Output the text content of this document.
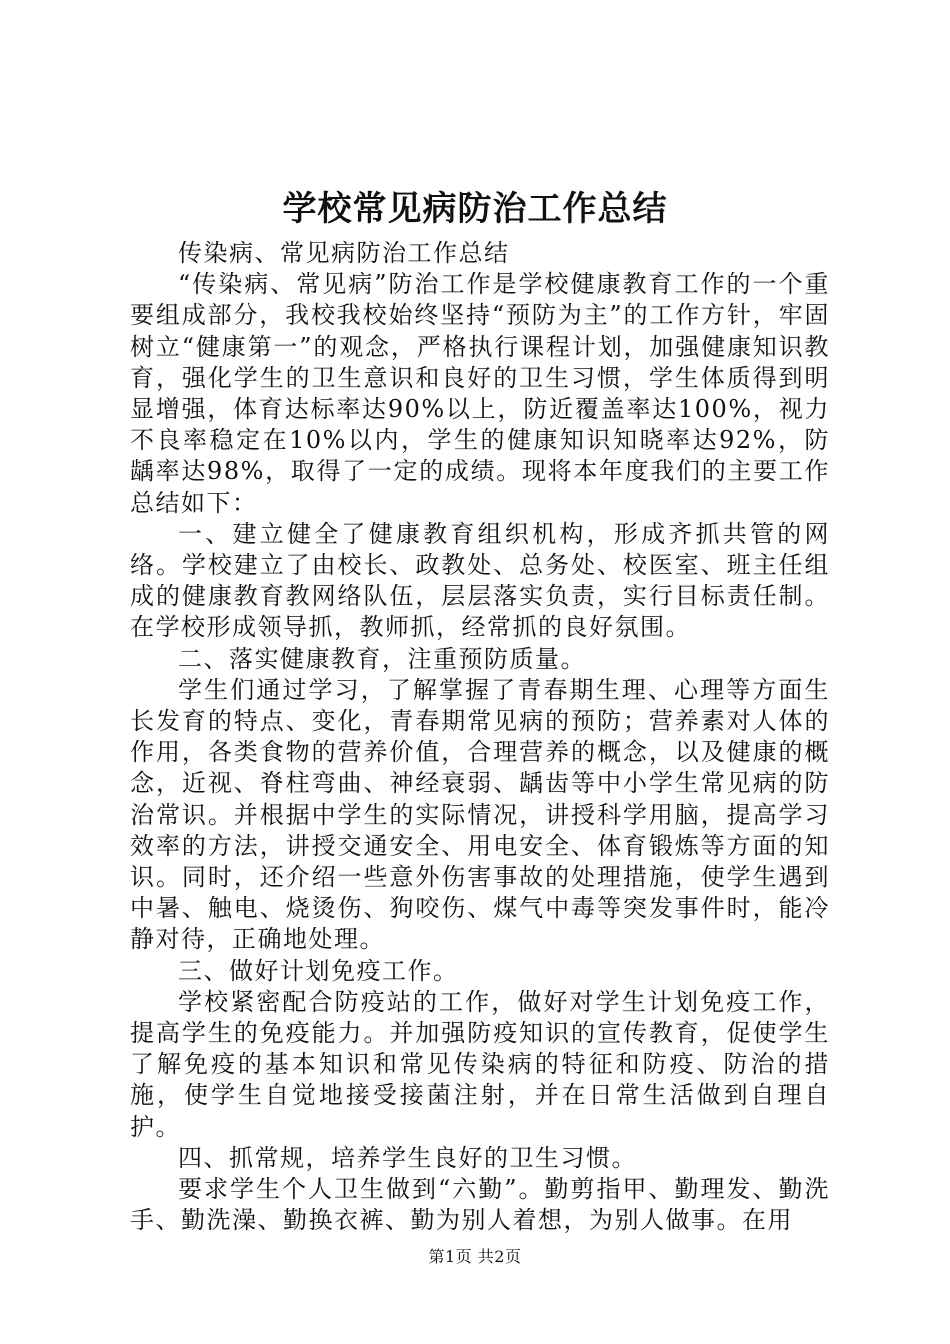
学校常见病防治工作总结

传染病、常见病防治工作总结

“传染病、常见病”防治工作是学校健康教育工作的一个重要组成部分，我校我校始终坚持“预防为主”的工作方针，牢固树立“健康第一”的观念，严格执行课程计划，加强健康知识教育，强化学生的卫生意识和良好的卫生习惯，学生体质得到明显增强，体育达标率达90%以上，防近覆盖率达100%，视力不良率稳定在10%以内，学生的健康知识知晓率达92%，防龋率达98%，取得了一定的成绩。现将本年度我们的主要工作总结如下：

一、建立健全了健康教育组织机构，形成齐抓共管的网络。学校建立了由校长、政教处、总务处、校医室、班主任组成的健康教育教网络队伍，层层落实负责，实行目标责任制。在学校形成领导抓，教师抓，经常抓的良好氛围。

二、落实健康教育，注重预防质量。

学生们通过学习，了解掌握了青春期生理、心理等方面生长发育的特点、变化，青春期常见病的预防；营养素对人体的作用，各类食物的营养价值，合理营养的概念，以及健康的概念，近视、脊柱弯曲、神经衰弱、龋齿等中小学生常见病的防治常识。并根据中学生的实际情况，讲授科学用脑，提高学习效率的方法，讲授交通安全、用电安全、体育锻炼等方面的知识。同时，还介绍一些意外伤害事故的处理措施，使学生遇到中暑、触电、烧烫伤、狗咬伤、煤气中毒等突发事件时，能冷静对待，正确地处理。

三、做好计划免疫工作。

学校紧密配合防疫站的工作，做好对学生计划免疫工作，提高学生的免疫能力。并加强防疫知识的宣传教育，促使学生了解免疫的基本知识和常见传染病的特征和防疫、防治的措施，使学生自觉地接受接菌注射，并在日常生活做到自理自护。

四、抓常规，培养学生良好的卫生习惯。

要求学生个人卫生做到“六勤”。勤剪指甲、勤理发、勤洗手、勤洗澡、勤换衣裤、勤为别人着想，为别人做事。在用

第1页 共2页
